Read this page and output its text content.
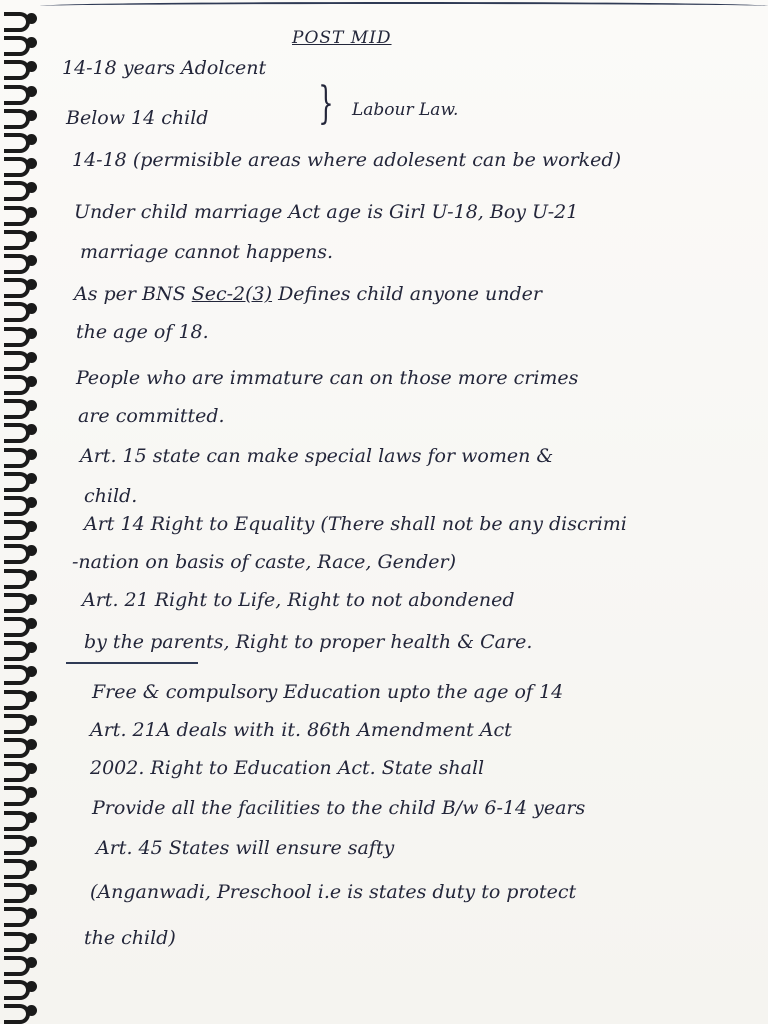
POST MID
14-18 years Adolcent
Below 14 child } Labour Law.
14-18 (permisible areas where adolesent can be worked)
Under child marriage Act age is Girl U-18, Boy U-21
marriage cannot happens.
As per BNS Sec-2(3) Defines child anyone under
the age of 18.
People who are immature can on those more crimes
are committed.
Art. 15 state can make special laws for women &
child.
Art 14 Right to Equality (There shall not be any discrimi
-nation on basis of caste, Race, Gender)
Art. 21 Right to Life, Right to not abondened
by the parents, Right to proper health & Care.
Free & compulsory Education upto the age of 14
Art. 21A deals with it. 86th Amendment Act
2002. Right to Education Act. State shall
Provide all the facilities to the child B/w 6-14 years
Art. 45 States will ensure safty
(Anganwadi, Preschool i.e is states duty to protect
the child)
